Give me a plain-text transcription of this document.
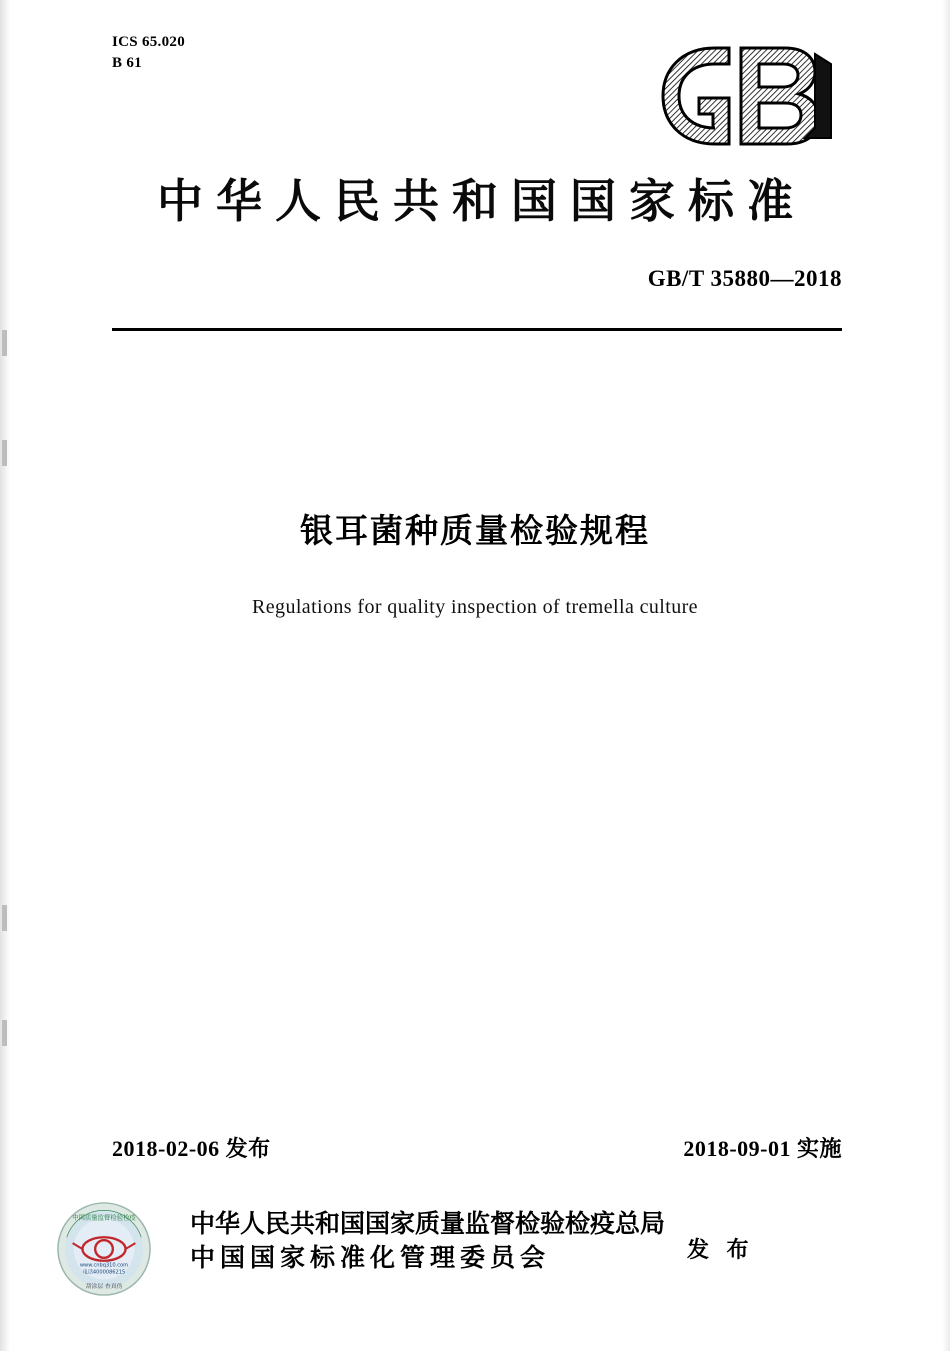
ICS 65.020
B 61
中华人民共和国国家标准
GB/T 35880—2018
银耳菌种质量检验规程
Regulations for quality inspection of tremella culture
2018-02-06 发布	2018-09-01 实施
中国质量监督检验检疫
www.cnbq310.com
电话4000086215
刮涂层 查真伪
中华人民共和国国家质量监督检验检疫总局
中国国家标准化管理委员会	发 布
